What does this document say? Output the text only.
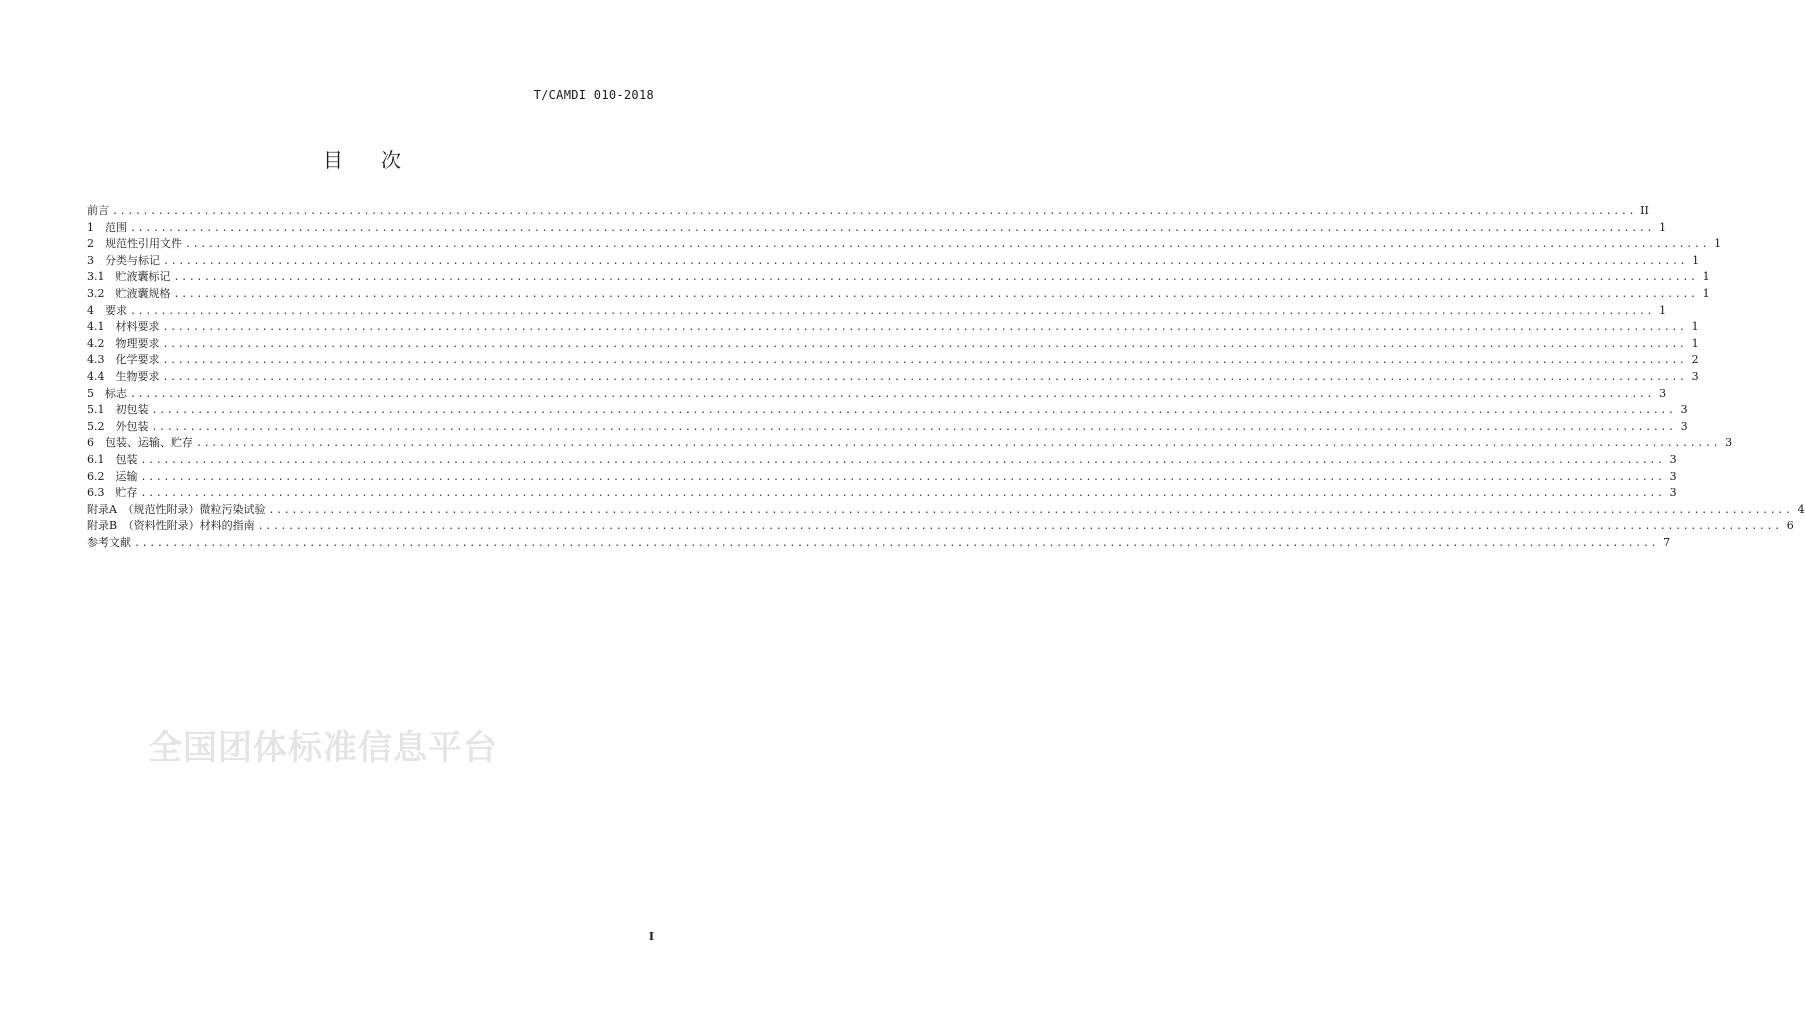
T/CAMDI 010-2018
目 次
全国团体标准信息平台
前言 ........................................................................................................................................................................................................ II
1　范围 ........................................................................................................................................................................................................ 1
2　规范性引用文件 ........................................................................................................................................................................................................ 1
3　分类与标记 ........................................................................................................................................................................................................ 1
3.1　贮液囊标记 ........................................................................................................................................................................................................ 1
3.2　贮液囊规格 ........................................................................................................................................................................................................ 1
4　要求 ........................................................................................................................................................................................................ 1
4.1　材料要求 ........................................................................................................................................................................................................ 1
4.2　物理要求 ........................................................................................................................................................................................................ 1
4.3　化学要求 ........................................................................................................................................................................................................ 2
4.4　生物要求 ........................................................................................................................................................................................................ 3
5　标志 ........................................................................................................................................................................................................ 3
5.1　初包装 ........................................................................................................................................................................................................ 3
5.2　外包装 ........................................................................................................................................................................................................ 3
6　包装、运输、贮存 ........................................................................................................................................................................................................ 3
6.1　包装 ........................................................................................................................................................................................................ 3
6.2　运输 ........................................................................................................................................................................................................ 3
6.3　贮存 ........................................................................................................................................................................................................ 3
附录A　（规范性附录）微粒污染试验 ........................................................................................................................................................................................................ 4
附录B　（资料性附录）材料的指南 ........................................................................................................................................................................................................ 6
参考文献 ........................................................................................................................................................................................................ 7
I
